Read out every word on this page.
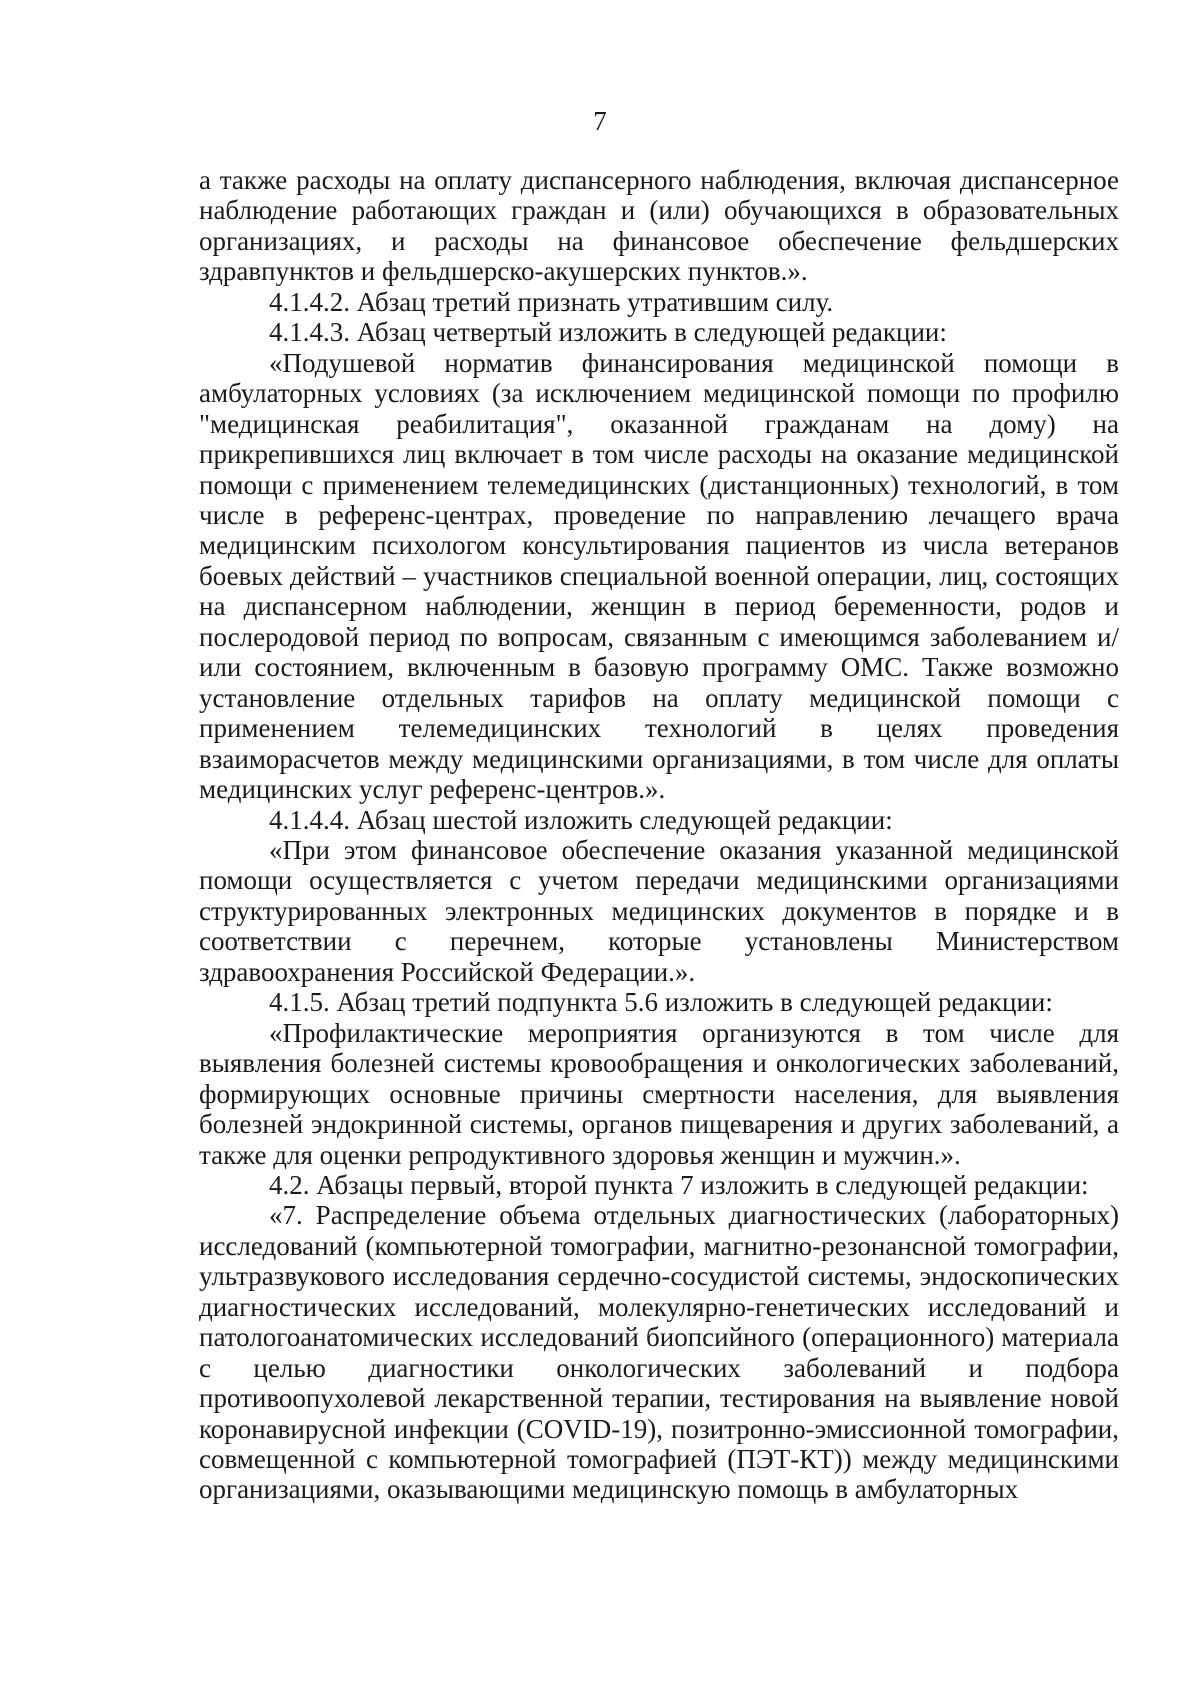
7

а также расходы на оплату диспансерного наблюдения, включая диспансерное наблюдение работающих граждан и (или) обучающихся в образовательных организациях, и расходы на финансовое обеспечение фельдшерских здравпунктов и фельдшерско-акушерских пунктов.».

4.1.4.2. Абзац третий признать утратившим силу.

4.1.4.3. Абзац четвертый изложить в следующей редакции:

«Подушевой норматив финансирования медицинской помощи в амбулаторных условиях (за исключением медицинской помощи по профилю "медицинская реабилитация", оказанной гражданам на дому) на прикрепившихся лиц включает в том числе расходы на оказание медицинской помощи с применением телемедицинских (дистанционных) технологий, в том числе в референс-центрах, проведение по направлению лечащего врача медицинским психологом консультирования пациентов из числа ветеранов боевых действий – участников специальной военной операции, лиц, состоящих на диспансерном наблюдении, женщин в период беременности, родов и послеродовой период по вопросам, связанным с имеющимся заболеванием и/или состоянием, включенным в базовую программу ОМС. Также возможно установление отдельных тарифов на оплату медицинской помощи с применением телемедицинских технологий в целях проведения взаиморасчетов между медицинскими организациями, в том числе для оплаты медицинских услуг референс-центров.».

4.1.4.4. Абзац шестой изложить следующей редакции:

«При этом финансовое обеспечение оказания указанной медицинской помощи осуществляется с учетом передачи медицинскими организациями структурированных электронных медицинских документов в порядке и в соответствии с перечнем, которые установлены Министерством здравоохранения Российской Федерации.».

4.1.5. Абзац третий подпункта 5.6 изложить в следующей редакции:

«Профилактические мероприятия организуются в том числе для выявления болезней системы кровообращения и онкологических заболеваний, формирующих основные причины смертности населения, для выявления болезней эндокринной системы, органов пищеварения и других заболеваний, а также для оценки репродуктивного здоровья женщин и мужчин.».

4.2. Абзацы первый, второй пункта 7 изложить в следующей редакции:

«7. Распределение объема отдельных диагностических (лабораторных) исследований (компьютерной томографии, магнитно-резонансной томографии, ультразвукового исследования сердечно-сосудистой системы, эндоскопических диагностических исследований, молекулярно-генетических исследований и патологоанатомических исследований биопсийного (операционного) материала с целью диагностики онкологических заболеваний и подбора противоопухолевой лекарственной терапии, тестирования на выявление новой коронавирусной инфекции (COVID-19), позитронно-эмиссионной томографии, совмещенной с компьютерной томографией (ПЭТ-КТ)) между медицинскими организациями, оказывающими медицинскую помощь в амбулаторных
